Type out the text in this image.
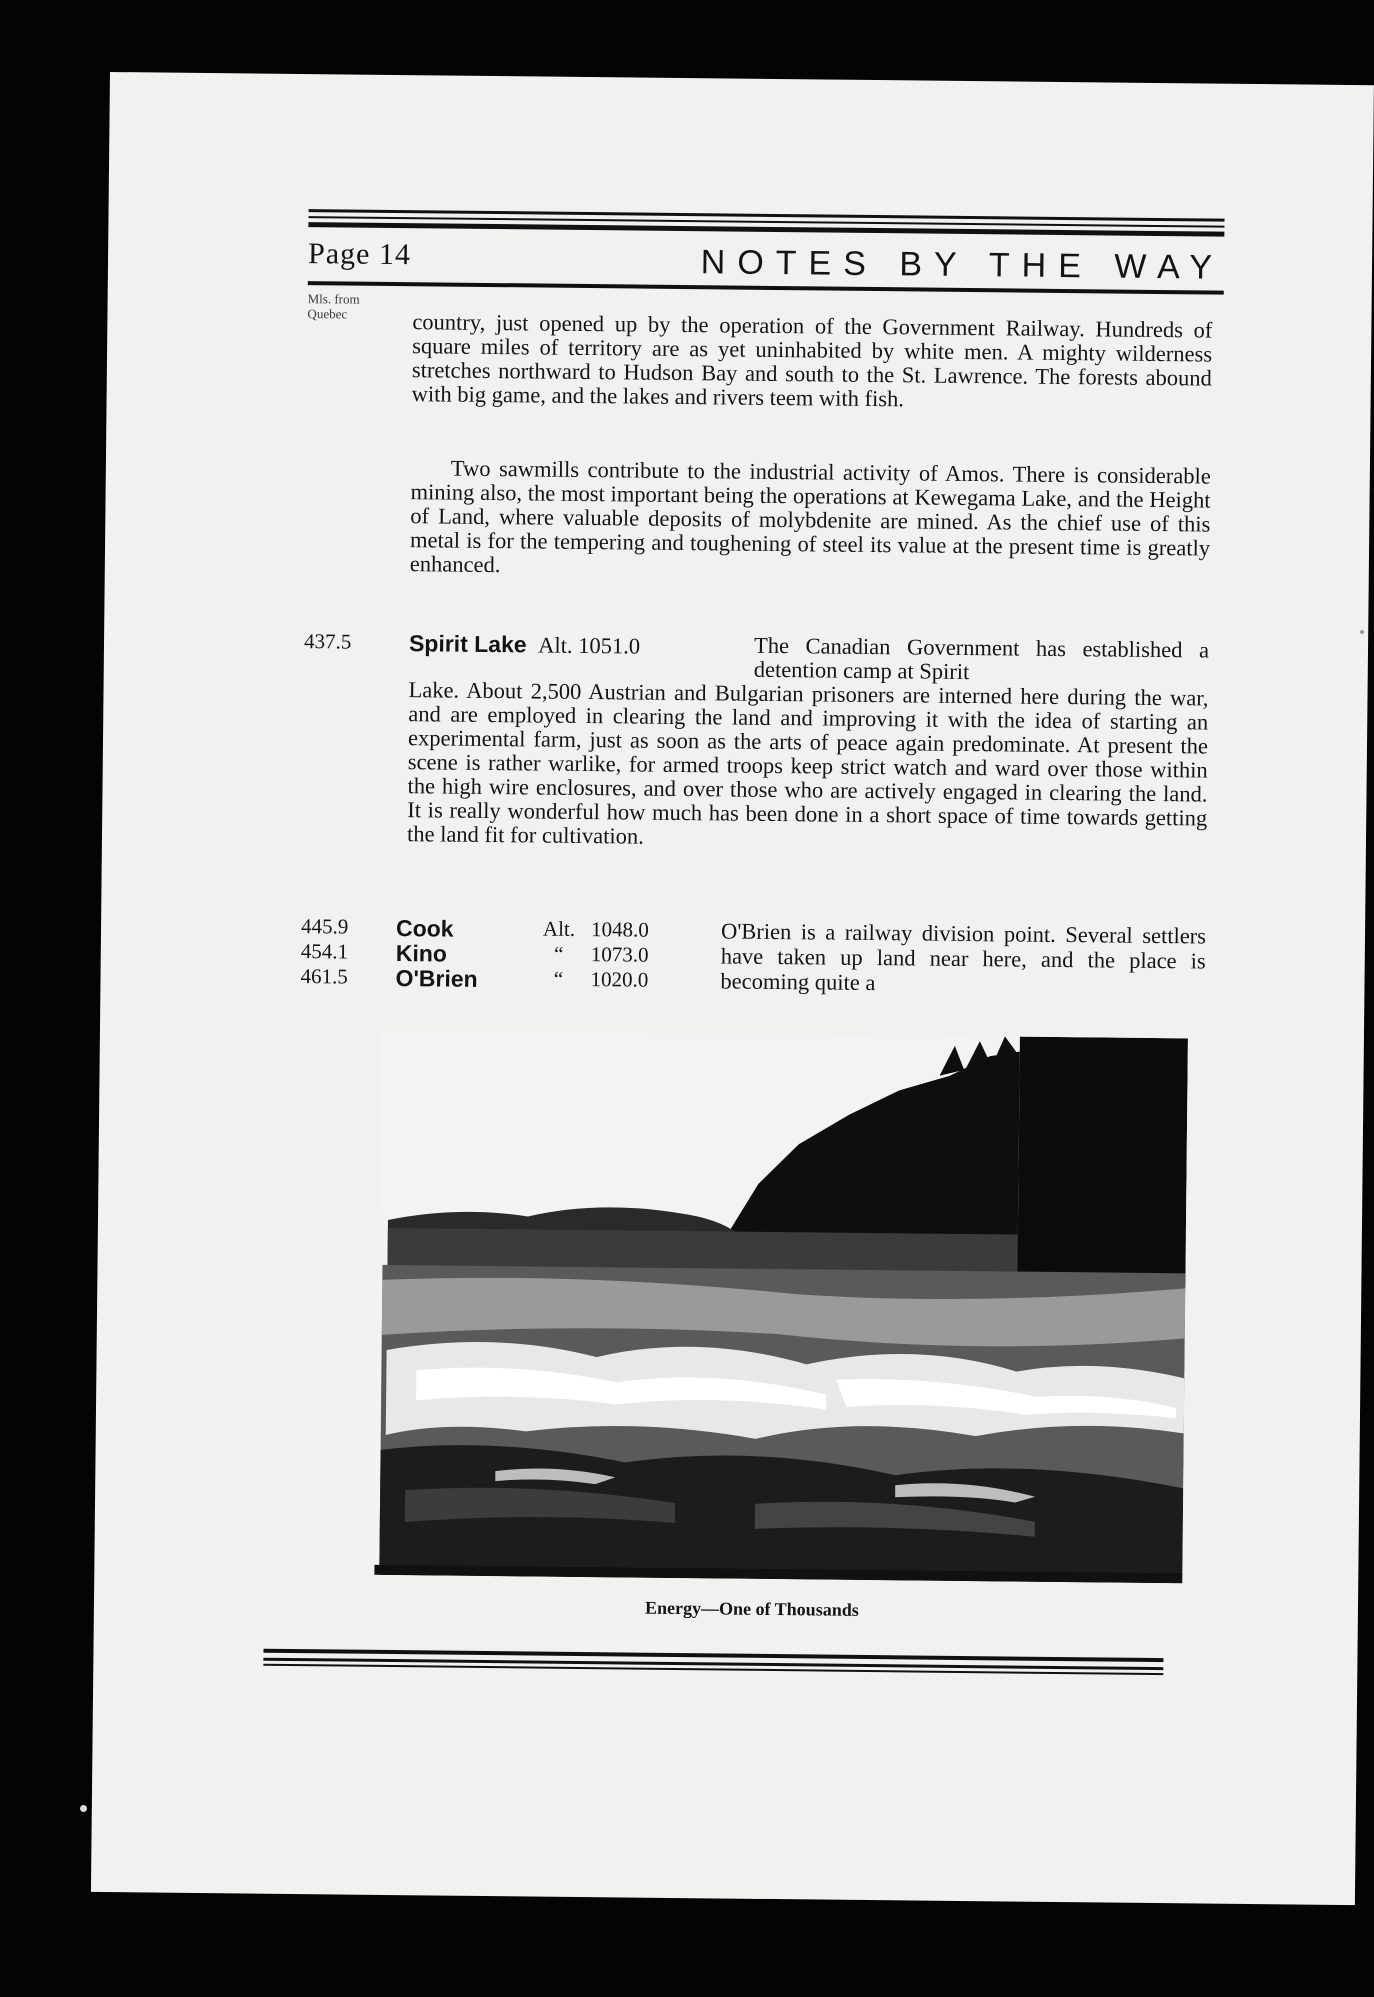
Page 14	NOTES BY THE WAY
Mls. from
Quebec	country, just opened up by the operation of the Government Railway. Hundreds of square miles of territory are as yet uninhabited by white men. A mighty wilderness stretches northward to Hudson Bay and south to the St. Lawrence. The forests abound with big game, and the lakes and rivers teem with fish.
Two sawmills contribute to the industrial activity of Amos. There is considerable mining also, the most important being the operations at Kewegama Lake, and the Height of Land, where valuable deposits of molybdenite are mined. As the chief use of this metal is for the tempering and toughening of steel its value at the present time is greatly enhanced.
437.5	Spirit Lake Alt. 1051.0	The Canadian Government has established a detention camp at Spirit
Lake. About 2,500 Austrian and Bulgarian prisoners are interned here during the war, and are employed in clearing the land and improving it with the idea of starting an experimental farm, just as soon as the arts of peace again predominate. At present the scene is rather warlike, for armed troops keep strict watch and ward over those within the high wire enclosures, and over those who are actively engaged in clearing the land. It is really wonderful how much has been done in a short space of time towards getting the land fit for cultivation.
445.9 Cook	Alt. 1048.0
454.1 Kino	“	1073.0
461.5 O'Brien	“	1020.0
O'Brien is a railway division point. Several settlers have taken up land near here, and the place is becoming quite a
Energy—One of Thousands
